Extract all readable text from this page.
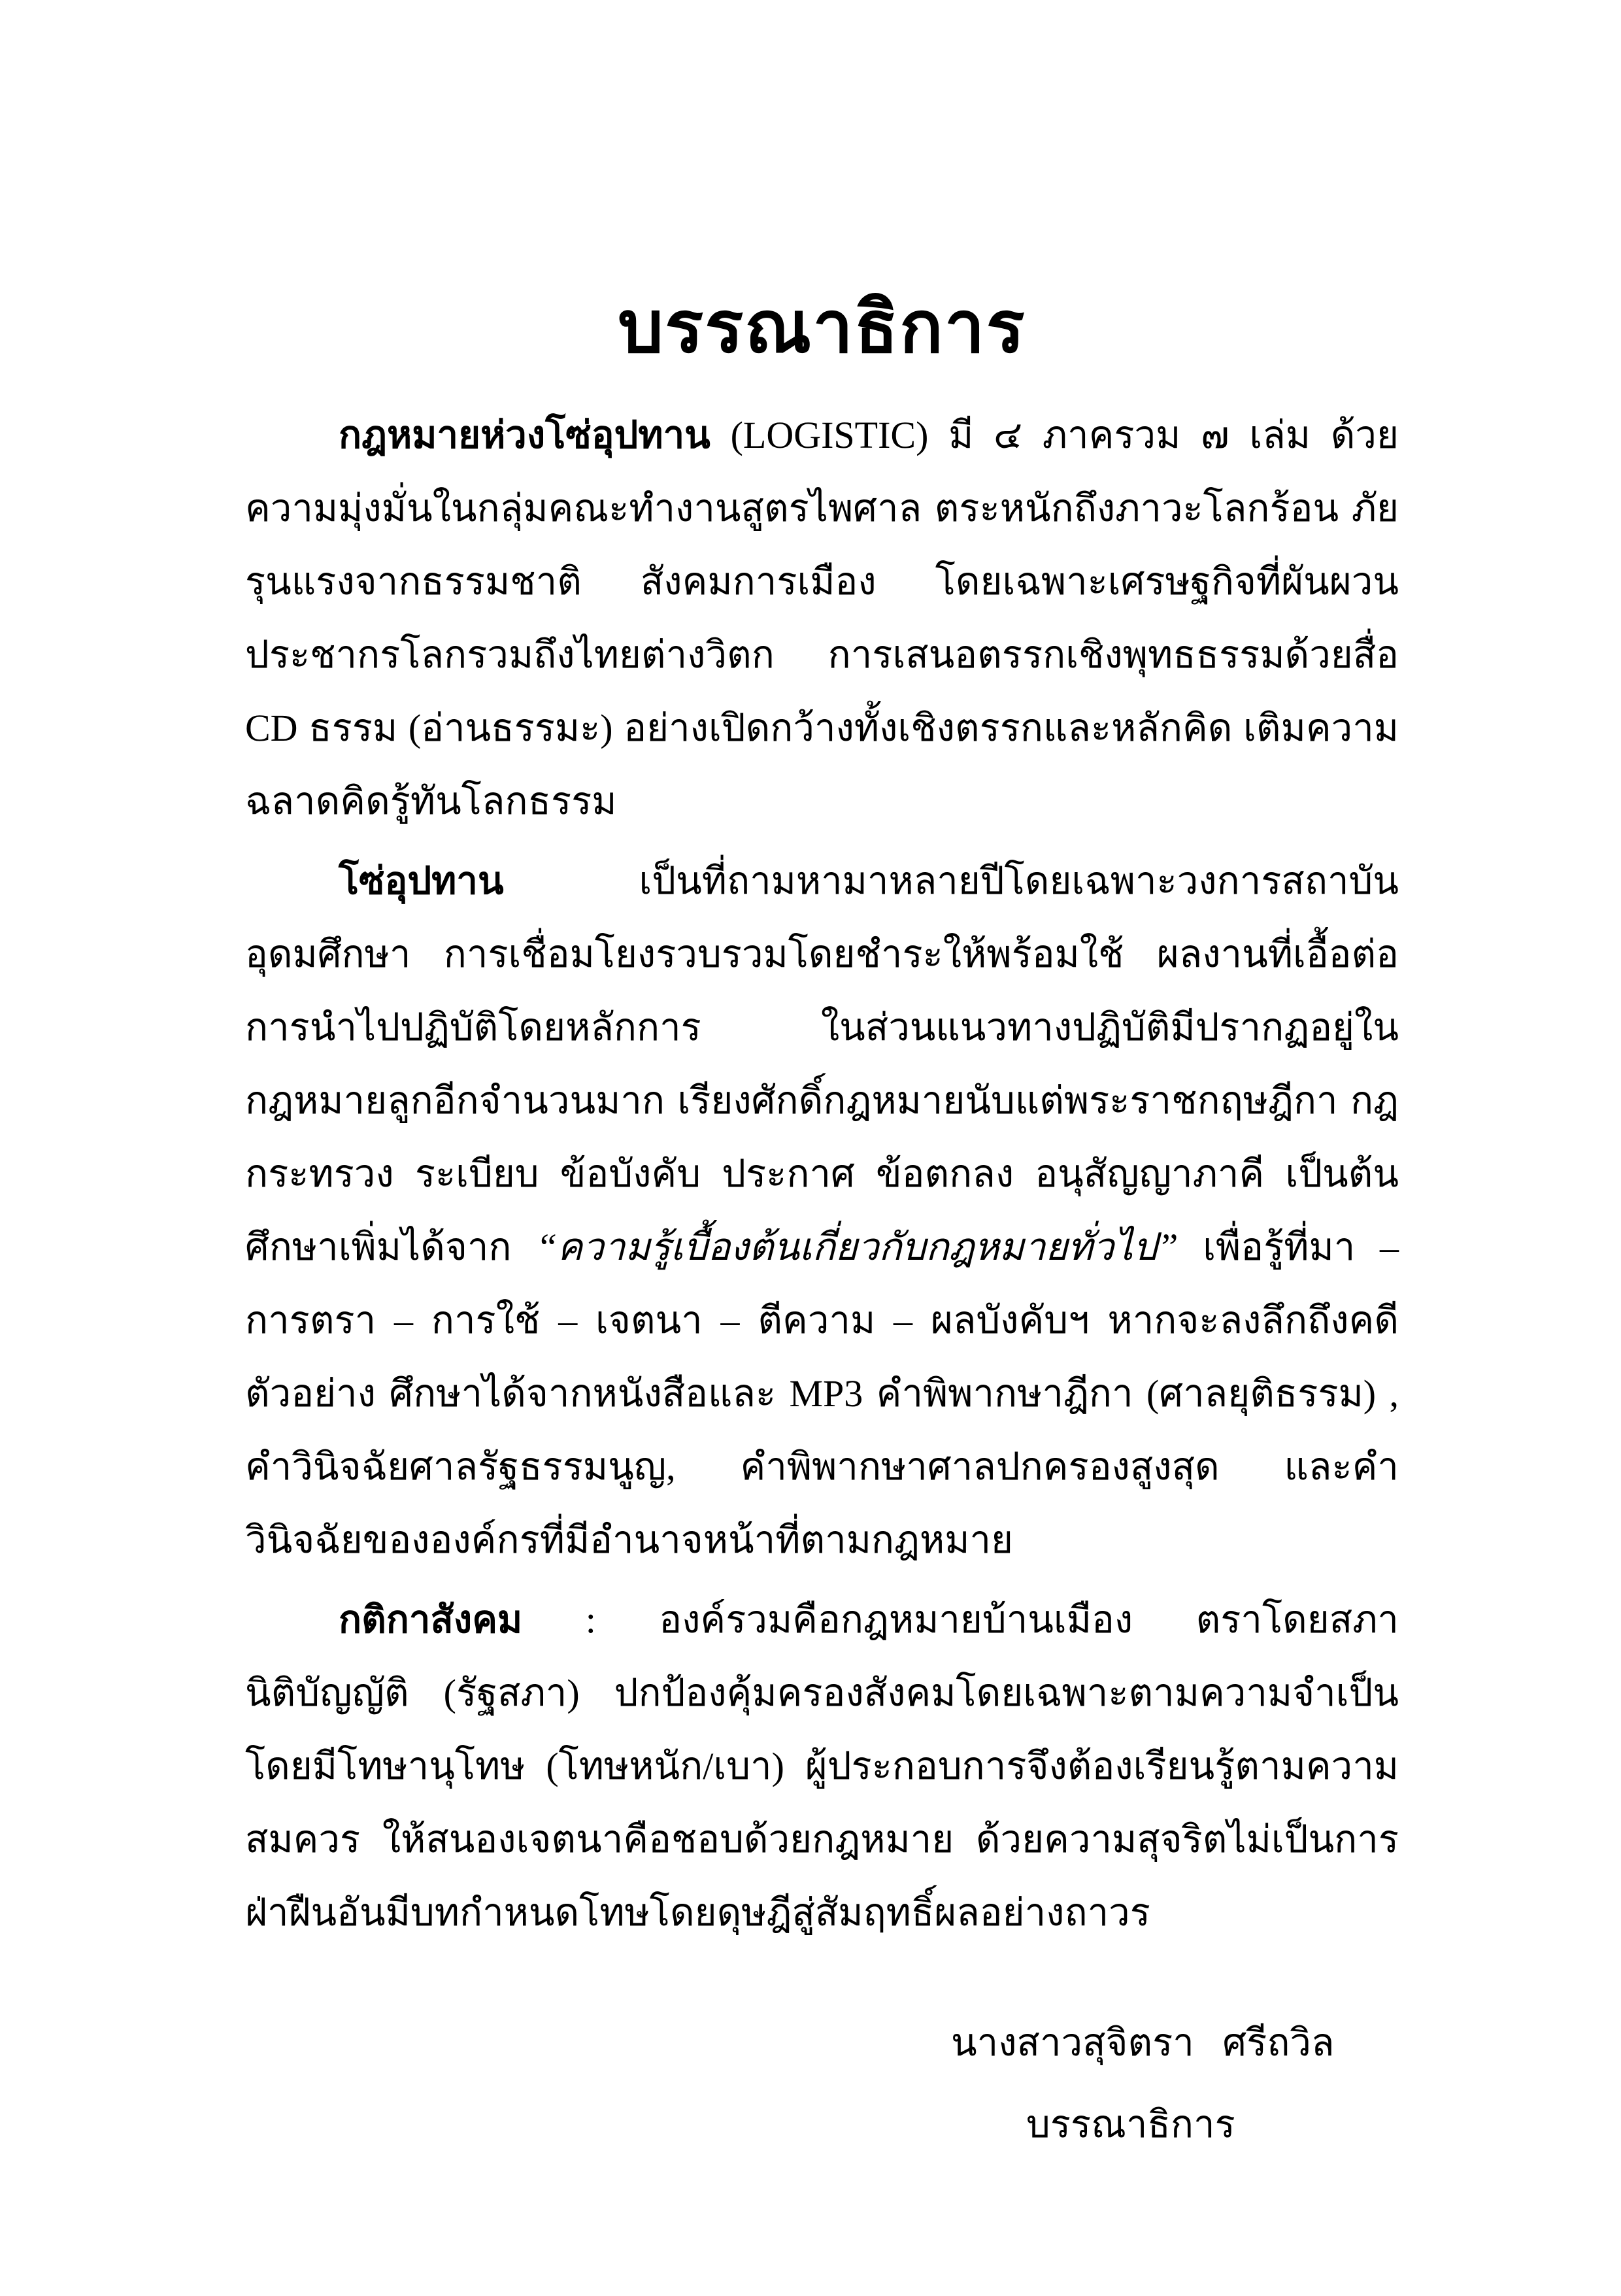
บรรณาธิการ

กฎหมายห่วงโซ่อุปทาน (LOGISTIC) มี ๔ ภาครวม ๗ เล่ม ด้วยความมุ่งมั่นในกลุ่มคณะทำงานสูตรไพศาล ตระหนักถึงภาวะโลกร้อน ภัยรุนแรงจากธรรมชาติ สังคมการเมือง โดยเฉพาะเศรษฐกิจที่ผันผวน ประชากรโลกรวมถึงไทยต่างวิตก การเสนอตรรกเชิงพุทธธรรมด้วยสื่อ CD ธรรม (อ่านธรรมะ) อย่างเปิดกว้างทั้งเชิงตรรกและหลักคิด เติมความฉลาดคิดรู้ทันโลกธรรม

โซ่อุปทาน เป็นที่ถามหามาหลายปีโดยเฉพาะวงการสถาบันอุดมศึกษา การเชื่อมโยงรวบรวมโดยชำระให้พร้อมใช้ ผลงานที่เอื้อต่อการนำไปปฏิบัติโดยหลักการ ในส่วนแนวทางปฏิบัติมีปรากฏอยู่ในกฎหมายลูกอีกจำนวนมาก เรียงศักดิ์กฎหมายนับแต่พระราชกฤษฎีกา กฎกระทรวง ระเบียบ ข้อบังคับ ประกาศ ข้อตกลง อนุสัญญาภาคี เป็นต้น ศึกษาเพิ่มได้จาก “ความรู้เบื้องต้นเกี่ยวกับกฎหมายทั่วไป” เพื่อรู้ที่มา – การตรา – การใช้ – เจตนา – ตีความ – ผลบังคับฯ หากจะลงลึกถึงคดีตัวอย่าง ศึกษาได้จากหนังสือและ MP3 คำพิพากษาฎีกา (ศาลยุติธรรม) , คำวินิจฉัยศาลรัฐธรรมนูญ, คำพิพากษาศาลปกครองสูงสุด และคำวินิจฉัยขององค์กรที่มีอำนาจหน้าที่ตามกฎหมาย

กติกาสังคม : องค์รวมคือกฎหมายบ้านเมือง ตราโดยสภานิติบัญญัติ (รัฐสภา) ปกป้องคุ้มครองสังคมโดยเฉพาะตามความจำเป็นโดยมีโทษานุโทษ (โทษหนัก/เบา) ผู้ประกอบการจึงต้องเรียนรู้ตามความสมควร ให้สนองเจตนาคือชอบด้วยกฎหมาย ด้วยความสุจริตไม่เป็นการฝ่าฝืนอันมีบทกำหนดโทษโดยดุษฎีสู่สัมฤทธิ์ผลอย่างถาวร

นางสาวสุจิตรา   ศรีถวิล
บรรณาธิการ
